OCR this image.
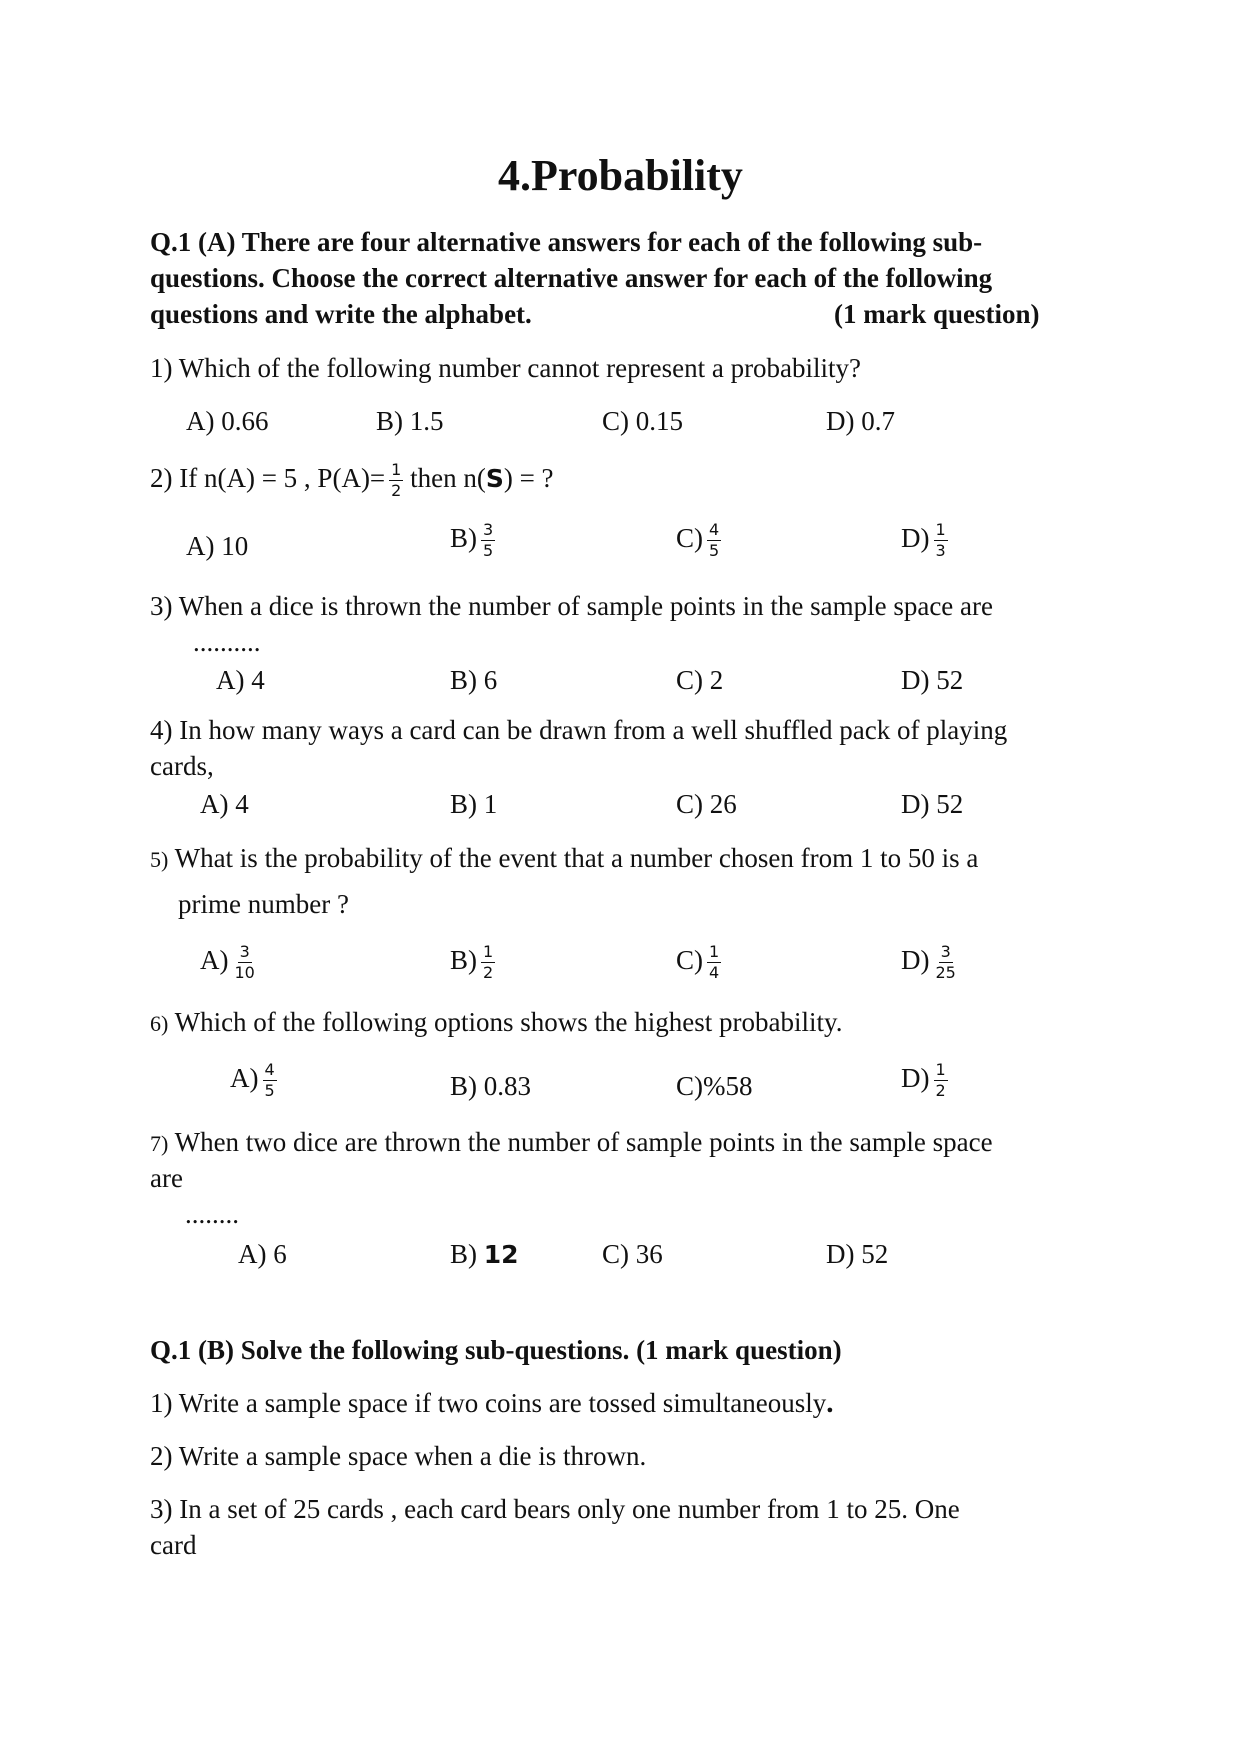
4.Probability
Q.1 (A) There are four alternative answers for each of the following sub-
questions. Choose the correct alternative answer for each of the following
questions and write the alphabet.	(1 mark question)
1) Which of the following number cannot represent a probability?
A) 0.66	B) 1.5	C) 0.15	D) 0.7
2) If n(A) = 5 , $P(A)= \frac{1}{2}$ then n(S) = ?
A) 10	$B) \frac{3}{5}$	$C) \frac{4}{5}$	$D) \frac{1}{3}$
3) When a dice is thrown the number of sample points in the sample space are
..........
A) 4	B) 6	C) 2	D) 52
4) In how many ways a card can be drawn from a well shuffled pack of playing
cards,
A) 4	B) 1	C) 26	D) 52
5) What is the probability of the event that a number chosen from 1 to 50 is a
prime number ?
$A) \frac{3}{10}$	$B) \frac{1}{2}$	$C) \frac{1}{4}$	$D) \frac{3}{25}$
6) Which of the following options shows the highest probability.
$A) \frac{4}{5}$	B) 0.83	C)%58	$D) \frac{1}{2}$
7) When two dice are thrown the number of sample points in the sample space
are
........
A) 6	B) 12	C) 36	D) 52
Q.1 (B) Solve the following sub-questions. (1 mark question)
1) Write a sample space if two coins are tossed simultaneously.
2) Write a sample space when a die is thrown.
3) In a set of 25 cards , each card bears only one number from 1 to 25. One
card
